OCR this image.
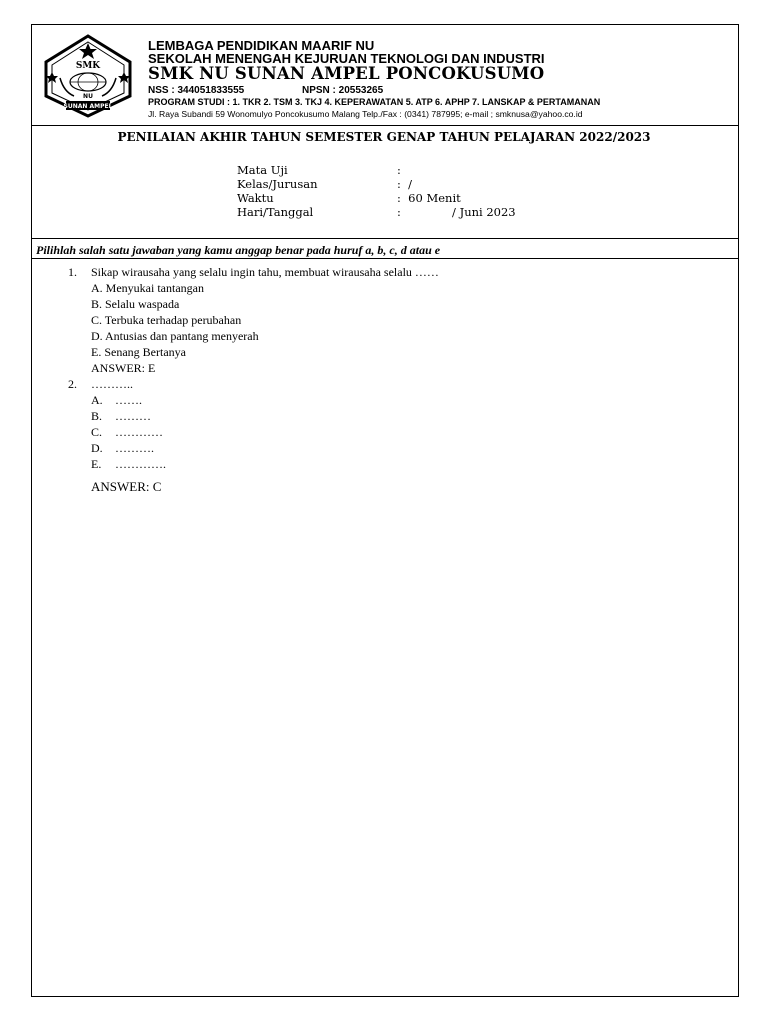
SMK
NU
SUNAN AMPEL
LEMBAGA PENDIDIKAN MAARIF NU
SEKOLAH MENENGAH KEJURUAN TEKNOLOGI DAN INDUSTRI
SMK NU SUNAN AMPEL PONCOKUSUMO
NSS : 344051833555	NPSN : 20553265
PROGRAM STUDI : 1. TKR 2. TSM 3. TKJ 4. KEPERAWATAN 5. ATP 6. APHP 7. LANSKAP & PERTAMANAN
Jl. Raya Subandi 59 Wonomulyo Poncokusumo Malang Telp./Fax : (0341) 787995; e-mail ; smknusa@yahoo.co.id
PENILAIAN AKHIR TAHUN SEMESTER GENAP TAHUN PELAJARAN 2022/2023
Mata Uji	:
Kelas/Jurusan	:  /
Waktu	:  60 Menit
Hari/Tanggal	:              / Juni 2023
Pilihlah salah satu jawaban yang kamu anggap benar pada huruf a, b, c, d atau e
1. Sikap wirausaha yang selalu ingin tahu, membuat wirausaha selalu ……
A. Menyukai tantangan
B. Selalu waspada
C. Terbuka terhadap perubahan
D. Antusias dan pantang menyerah
E. Senang Bertanya
ANSWER: E
2. ………..
A. …….
B. ………
C. …………
D. ……….
E. ………….
ANSWER: C
